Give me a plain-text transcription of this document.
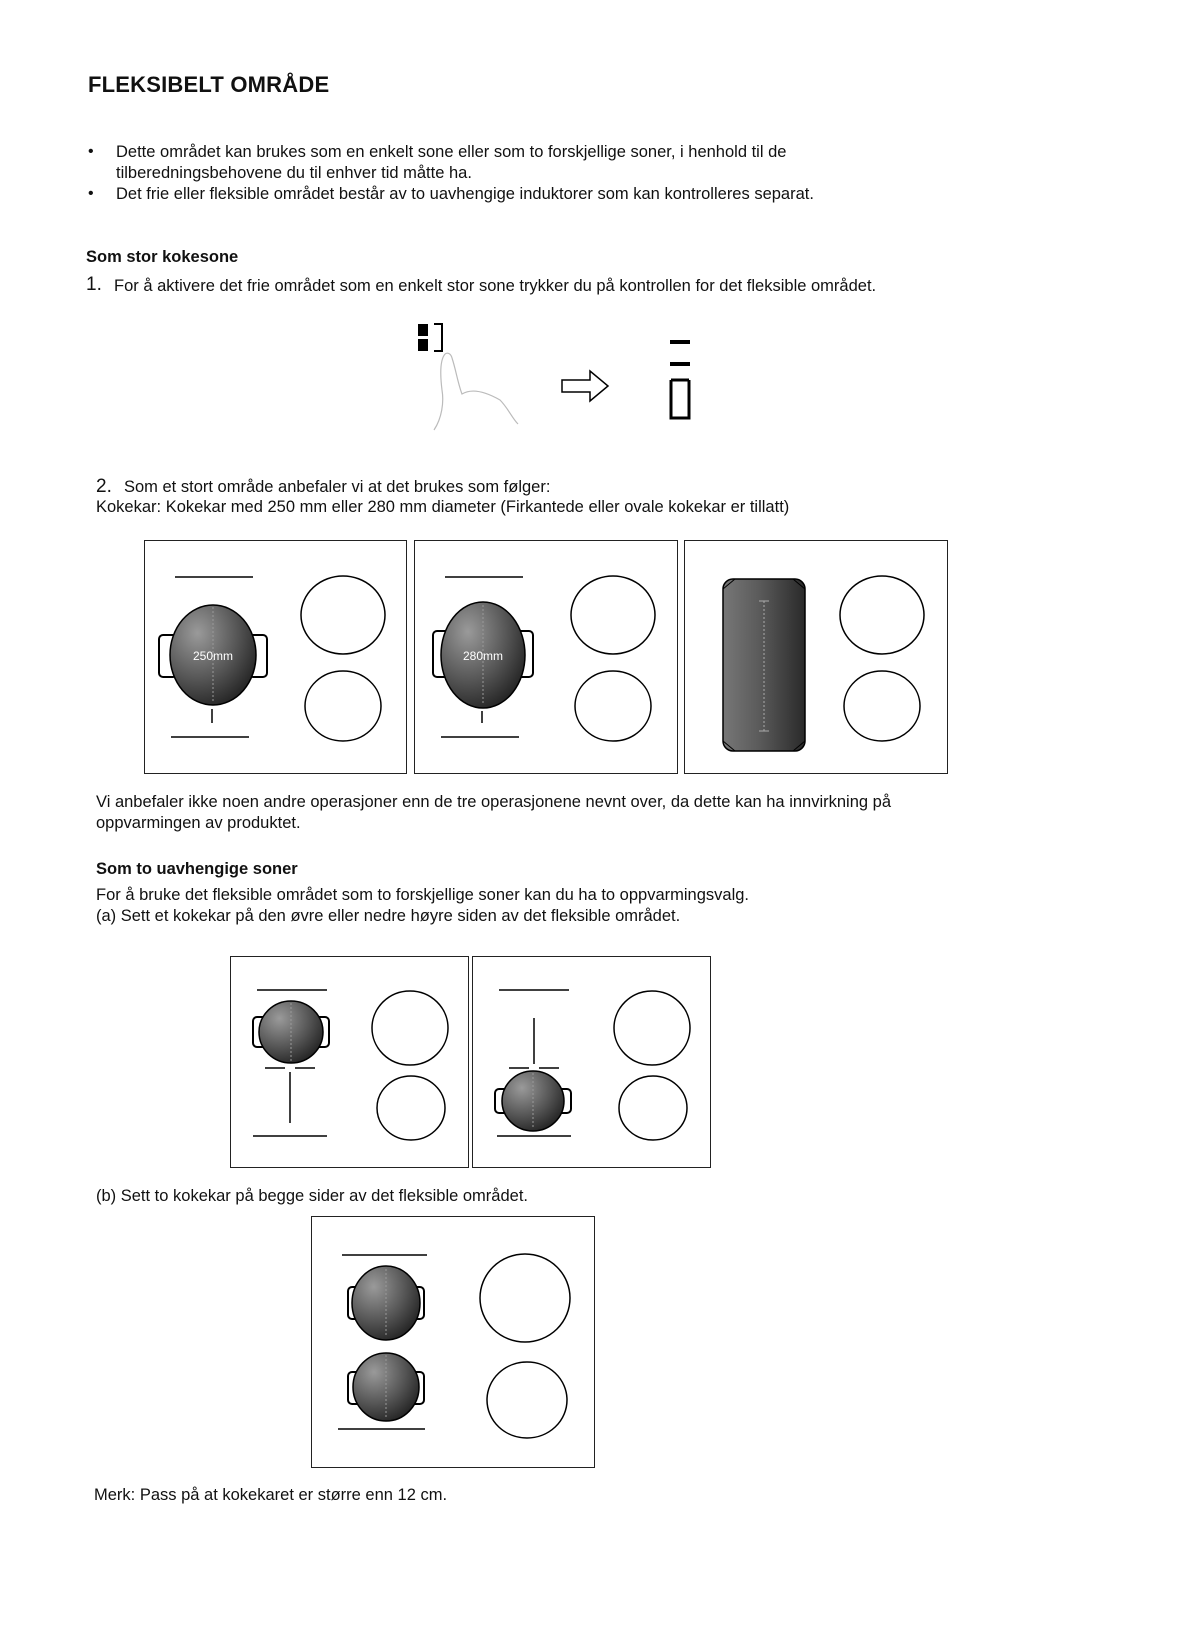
FLEKSIBELT OMRÅDE
• Dette området kan brukes som en enkelt sone eller som to forskjellige soner, i henhold til de
tilberedningsbehovene du til enhver tid måtte ha.
• Det frie eller fleksible området består av to uavhengige induktorer som kan kontrolleres separat.
Som stor kokesone
1. For å aktivere det frie området som en enkelt stor sone trykker du på kontrollen for det fleksible området.
2. Som et stort område anbefaler vi at det brukes som følger:
Kokekar: Kokekar med 250 mm eller 280 mm diameter (Firkantede eller ovale kokekar er tillatt)
250mm	280mm
Vi anbefaler ikke noen andre operasjoner enn de tre operasjonene nevnt over, da dette kan ha innvirkning på
oppvarmingen av produktet.
Som to uavhengige soner
For å bruke det fleksible området som to forskjellige soner kan du ha to oppvarmingsvalg.
(a) Sett et kokekar på den øvre eller nedre høyre siden av det fleksible området.
(b) Sett to kokekar på begge sider av det fleksible området.
Merk: Pass på at kokekaret er større enn 12 cm.
